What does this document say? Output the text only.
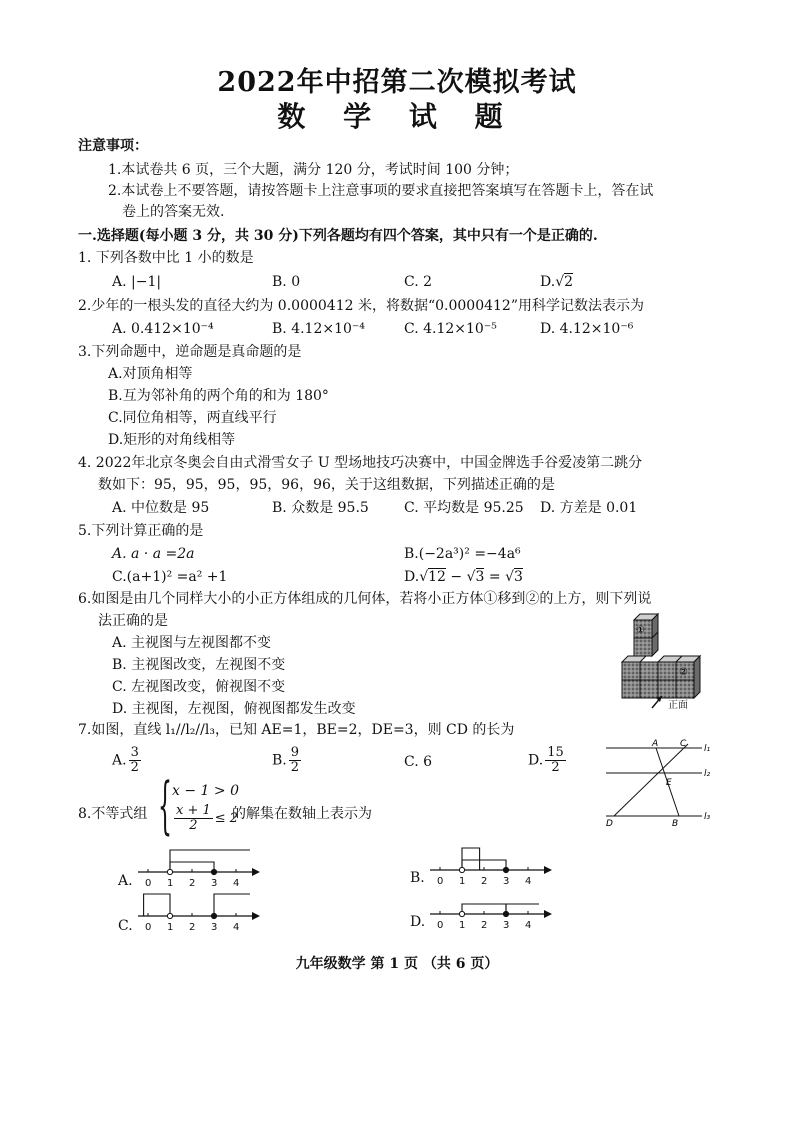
2022年中招第二次模拟考试
数 学 试 题
注意事项：
1.本试卷共 6 页，三个大题，满分 120 分，考试时间 100 分钟；
2.本试卷上不要答题，请按答题卡上注意事项的要求直接把答案填写在答题卡上，答在试
卷上的答案无效.
一.选择题(每小题 3 分，共 30 分)下列各题均有四个答案，其中只有一个是正确的.
1. 下列各数中比 1 小的数是
A. |−1|	B. 0	C. 2	D.√2
2.少年的一根头发的直径大约为 0.0000412 米，将数据“0.0000412”用科学记数法表示为
A. 0.412×10⁻⁴	B. 4.12×10⁻⁴	C. 4.12×10⁻⁵	D. 4.12×10⁻⁶
3.下列命题中，逆命题是真命题的是
A.对顶角相等
B.互为邻补角的两个角的和为 180°
C.同位角相等，两直线平行
D.矩形的对角线相等
4. 2022年北京冬奥会自由式滑雪女子 U 型场地技巧决赛中，中国金牌选手谷爱凌第二跳分
数如下：95，95，95，95，96，96，关于这组数据，下列描述正确的是
A. 中位数是 95	B. 众数是 95.5	C. 平均数是 95.25 D. 方差是 0.01
5.下列计算正确的是
A. a · a =2a	B.(−2a³)² =−4a⁶
C.(a+1)² =a² +1	D.√12 − √3 = √3
6.如图是由几个同样大小的小正方体组成的几何体，若将小正方体①移到②的上方，则下列说
法正确的是
A. 主视图与左视图都不变
B. 主视图改变，左视图不变
C. 左视图改变，俯视图不变
D. 主视图，左视图，俯视图都发生改变
①
②
正面
7.如图，直线 l₁//l₂//l₃，已知 AE=1，BE=2，DE=3，则 CD 的长为
A. $\frac{3}{2}$	B. $\frac{9}{2}$	C. 6	D. $\frac{15}{2}$
A C
E
D	B
l₁
l₂
l₃
8.不等式组 { x − 1 > 0
$\frac{x + 1}{2} \le 2$
的解集在数轴上表示为
A.	B.
C.	D.
0 1 2 3 4	0 1 2 3 4
0 1 2 3 4	0 1 2 3 4
九年级数学 第 1 页 （共 6 页）
